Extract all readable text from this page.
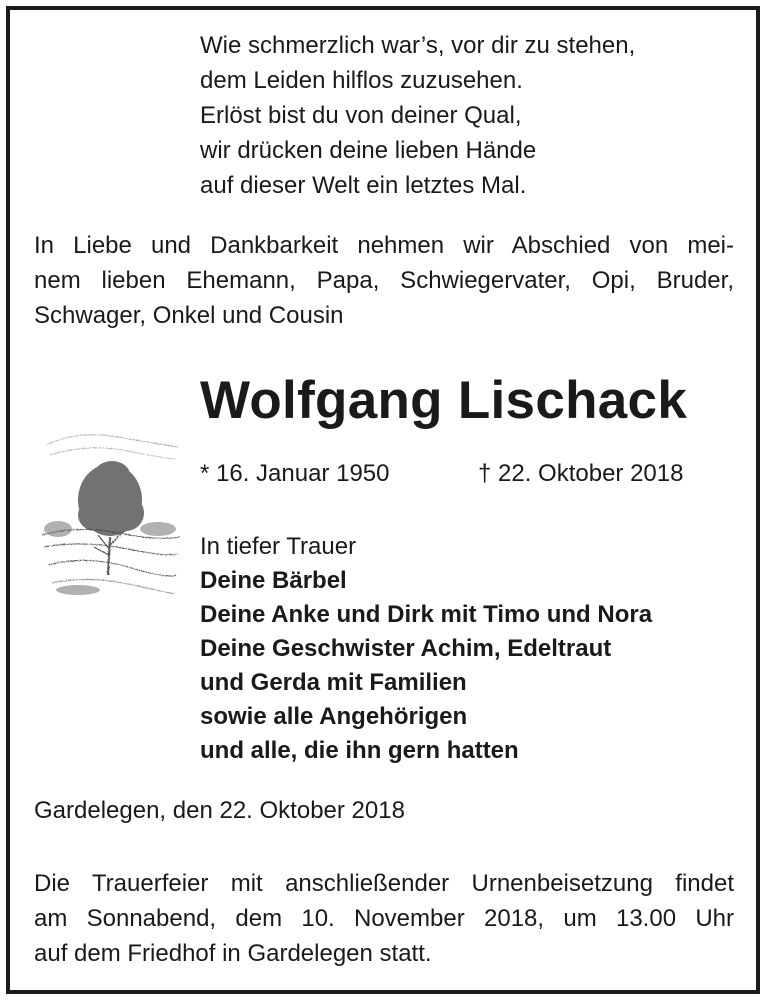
Wie schmerzlich war’s, vor dir zu stehen,
dem Leiden hilflos zuzusehen.
Erlöst bist du von deiner Qual,
wir drücken deine lieben Hände
auf dieser Welt ein letztes Mal.
In Liebe und Dankbarkeit nehmen wir Abschied von mei-
nem lieben Ehemann, Papa, Schwiegervater, Opi, Bruder,
Schwager, Onkel und Cousin
Wolfgang Lischack
* 16. Januar 1950	† 22. Oktober 2018
In tiefer Trauer
Deine Bärbel
Deine Anke und Dirk mit Timo und Nora
Deine Geschwister Achim, Edeltraut
und Gerda mit Familien
sowie alle Angehörigen
und alle, die ihn gern hatten
Gardelegen, den 22. Oktober 2018
Die Trauerfeier mit anschließender Urnenbeisetzung findet
am Sonnabend, dem 10. November 2018, um 13.00 Uhr
auf dem Friedhof in Gardelegen statt.
